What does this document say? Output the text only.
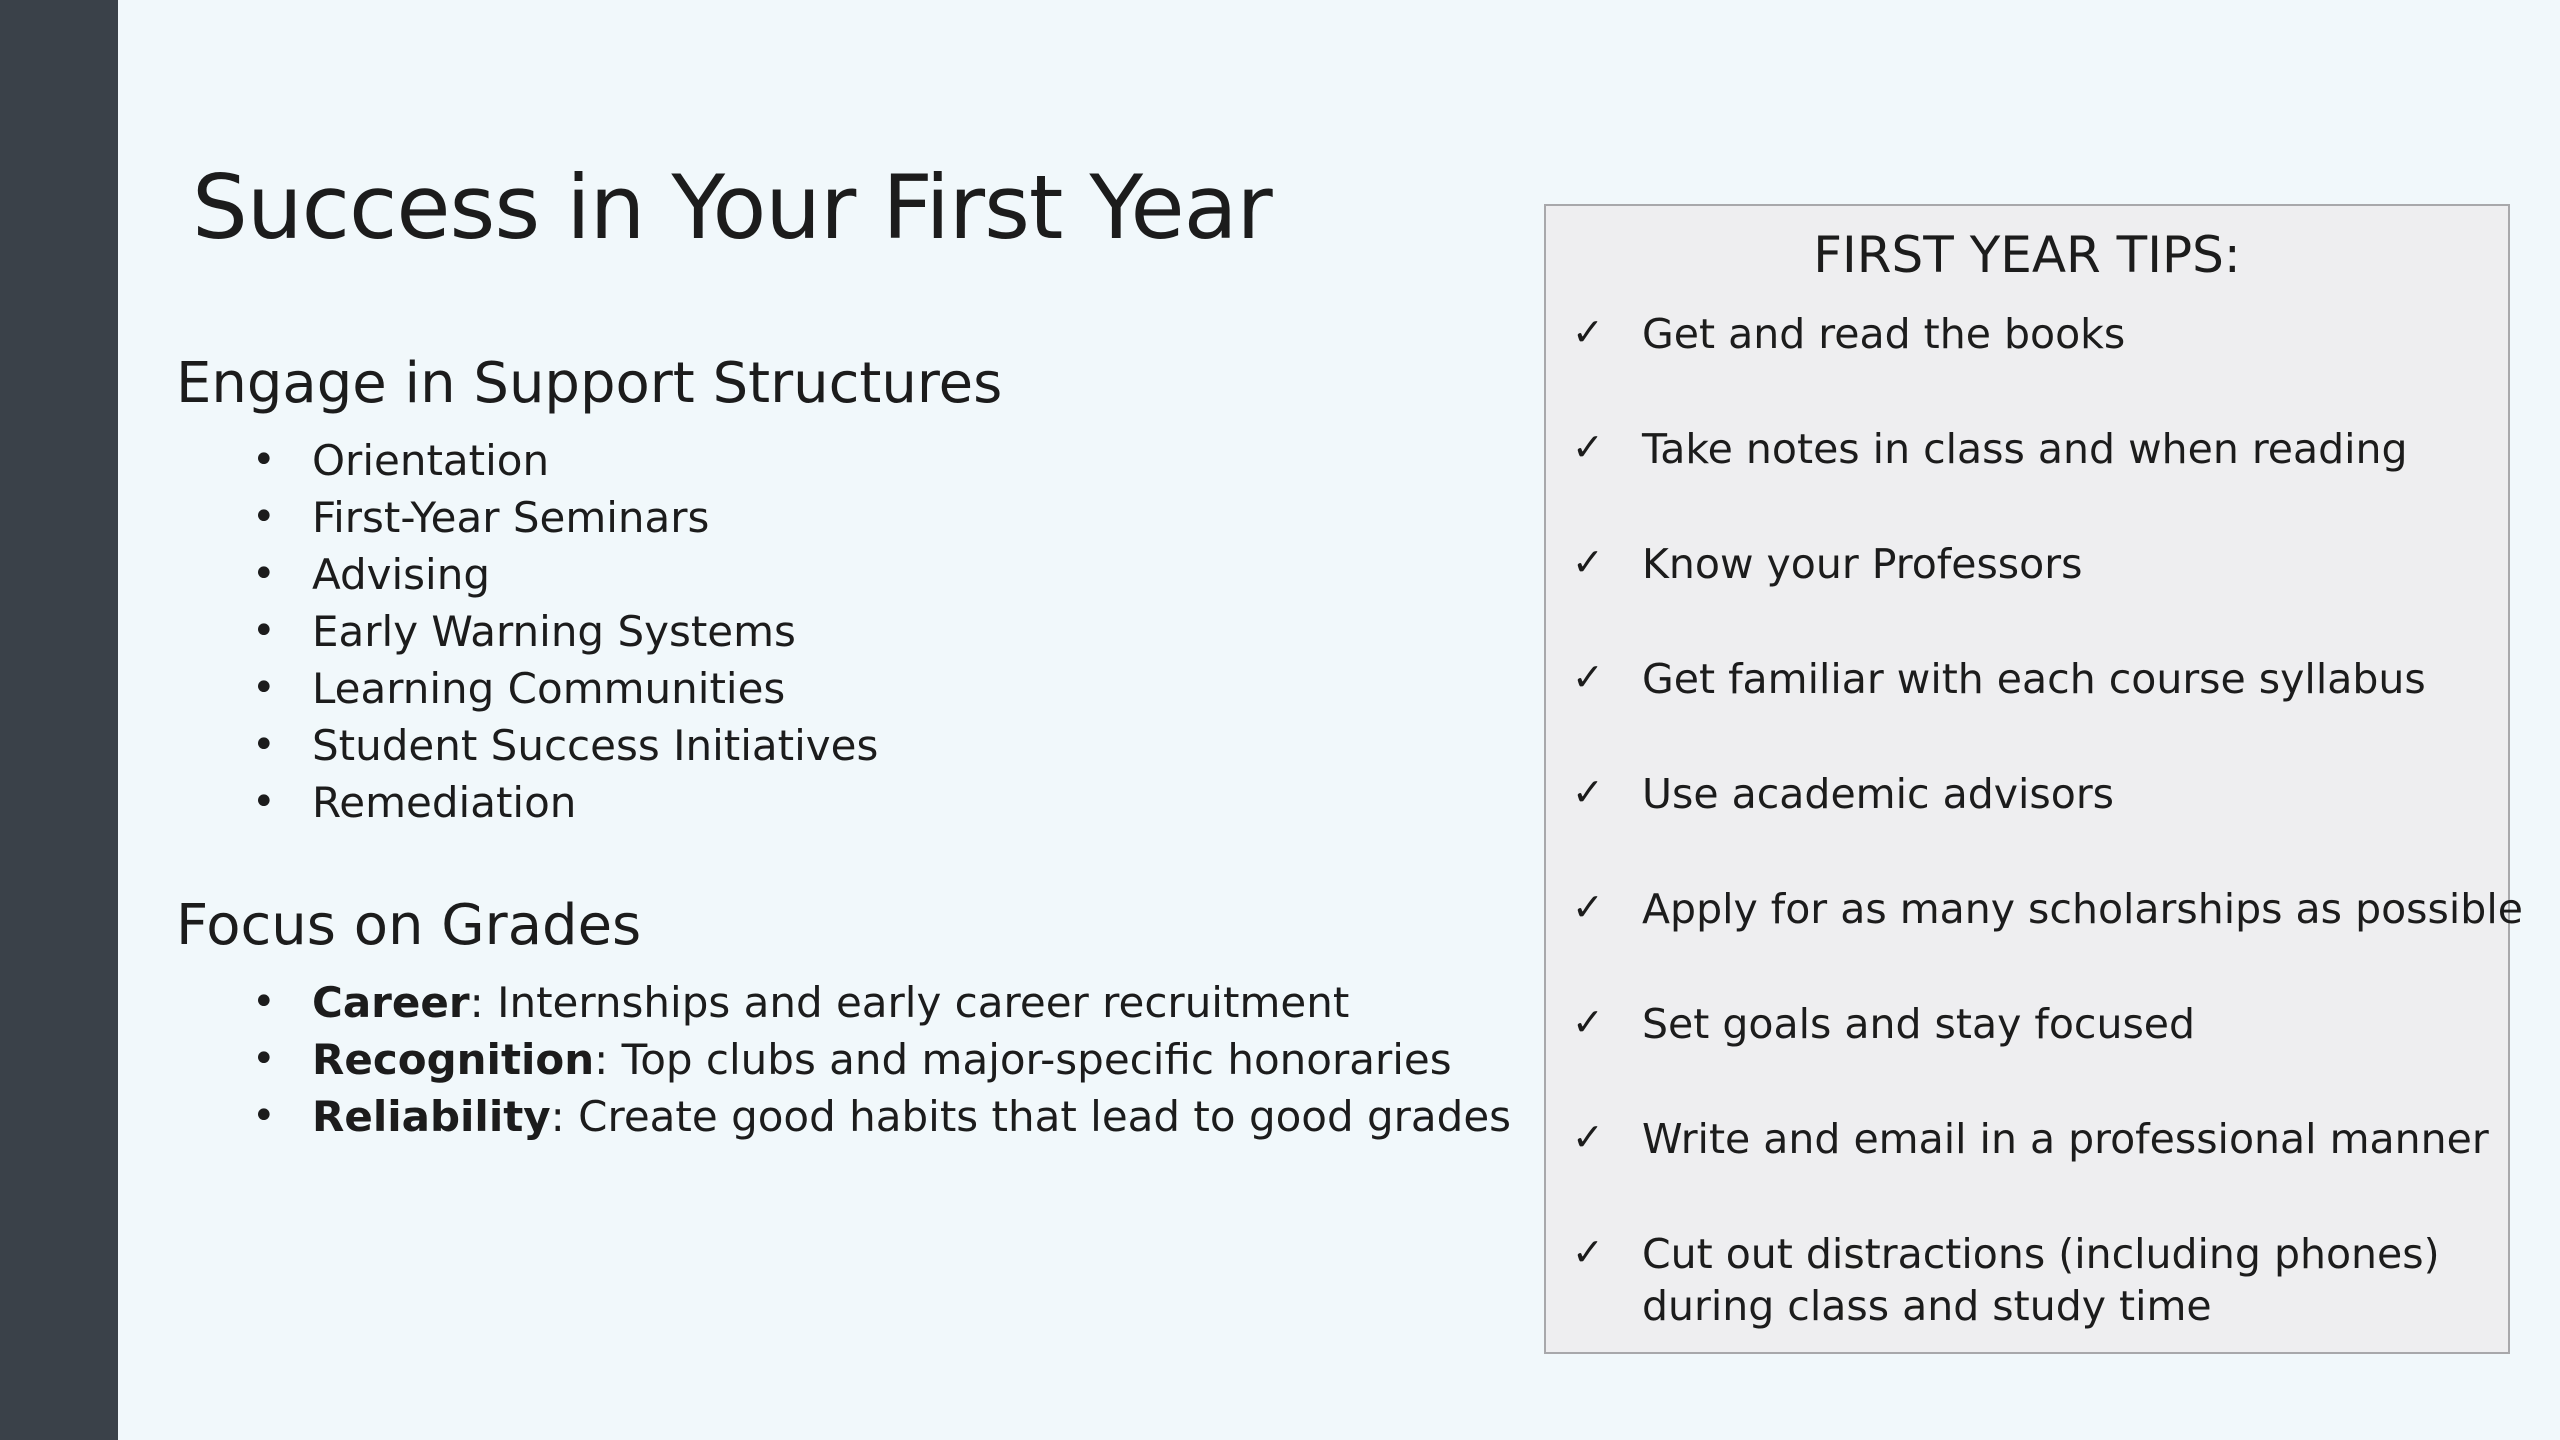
Success in Your First Year
Engage in Support Structures
• Orientation
• First-Year Seminars
• Advising
• Early Warning Systems
• Learning Communities
• Student Success Initiatives
• Remediation
Focus on Grades
• Career: Internships and early career recruitment
• Recognition: Top clubs and major-specific honoraries
• Reliability: Create good habits that lead to good grades
FIRST YEAR TIPS:
✓ Get and read the books
✓ Take notes in class and when reading
✓ Know your Professors
✓ Get familiar with each course syllabus
✓ Use academic advisors
✓ Apply for as many scholarships as possible
✓ Set goals and stay focused
✓ Write and email in a professional manner
✓ Cut out distractions (including phones) during class and study time
